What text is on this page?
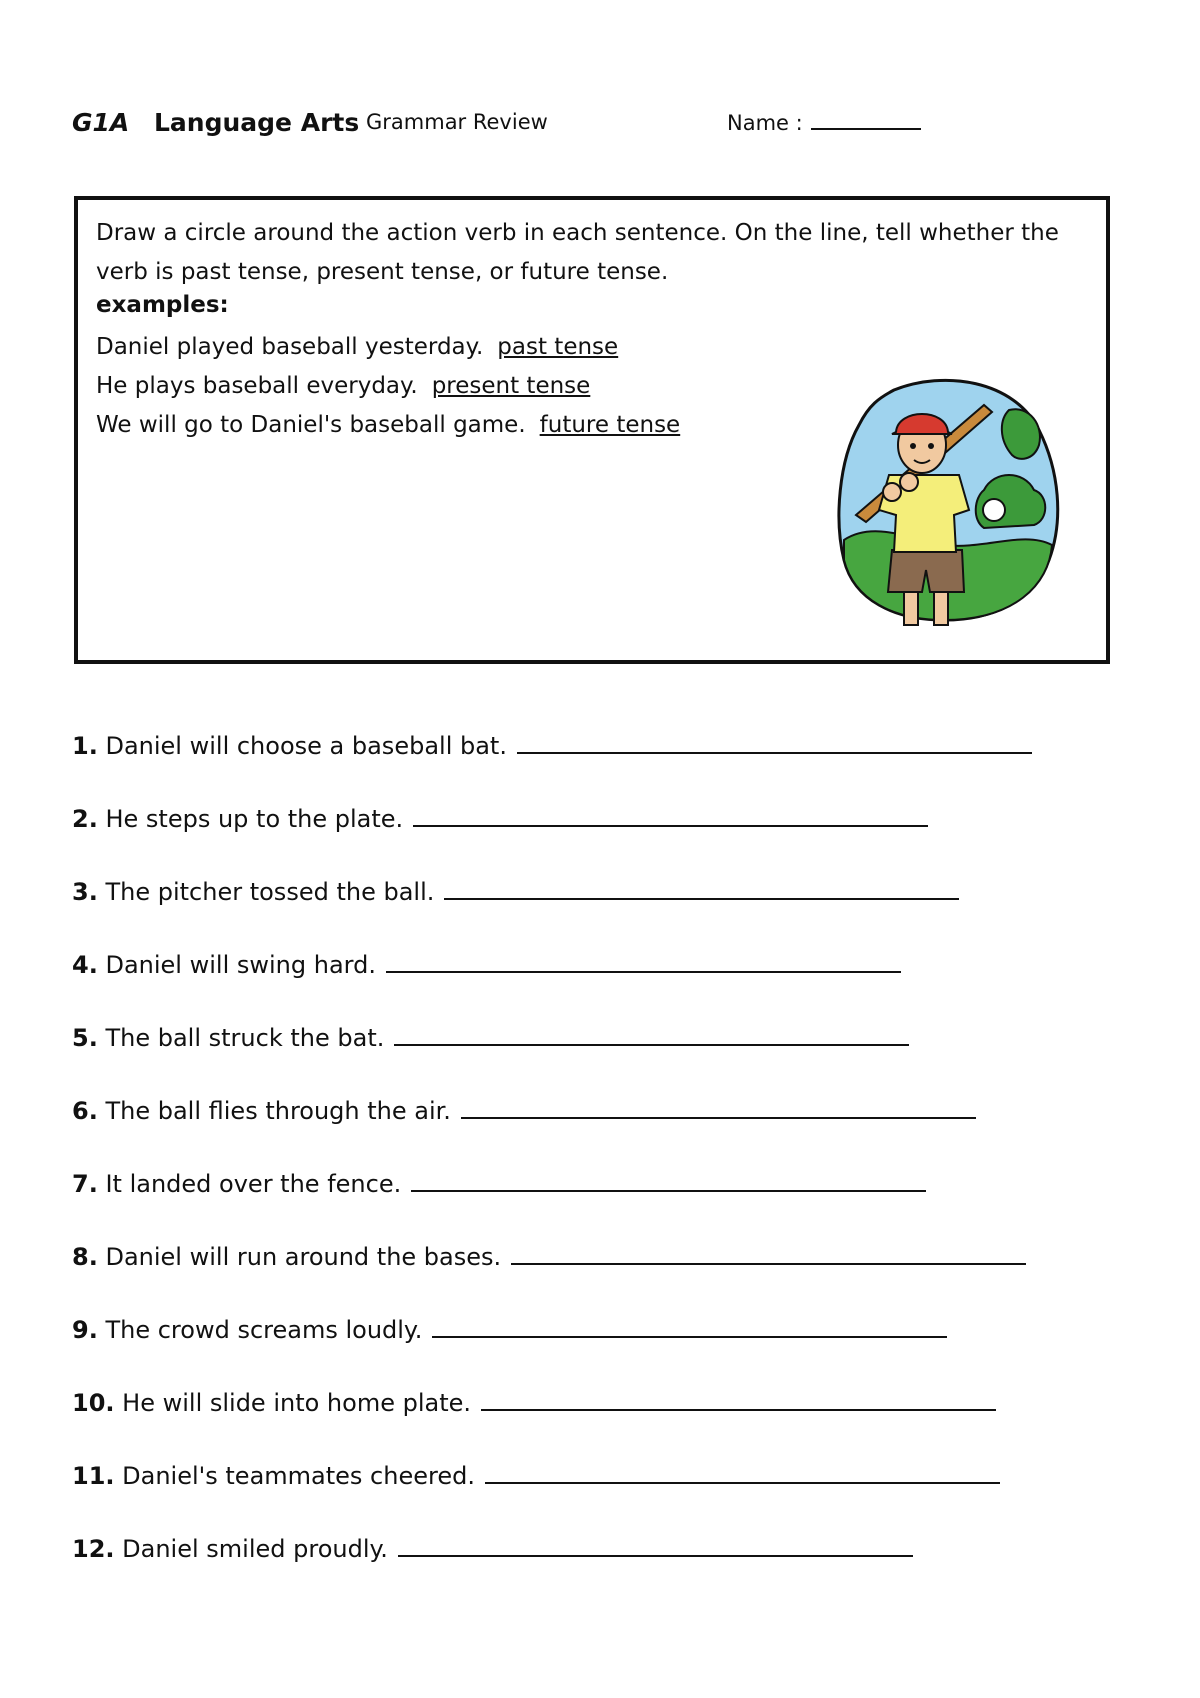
G1A Language Arts Grammar Review	Name :
Draw a circle around the action verb in each sentence. On the line, tell whether the verb is past tense, present tense, or future tense.
examples:
Daniel played baseball yesterday. past tense
He plays baseball everyday. present tense
We will go to Daniel's baseball game. future tense
1. Daniel will choose a baseball bat.
2. He steps up to the plate.
3. The pitcher tossed the ball.
4. Daniel will swing hard.
5. The ball struck the bat.
6. The ball flies through the air.
7. It landed over the fence.
8. Daniel will run around the bases.
9. The crowd screams loudly.
10. He will slide into home plate.
11. Daniel's teammates cheered.
12. Daniel smiled proudly.
